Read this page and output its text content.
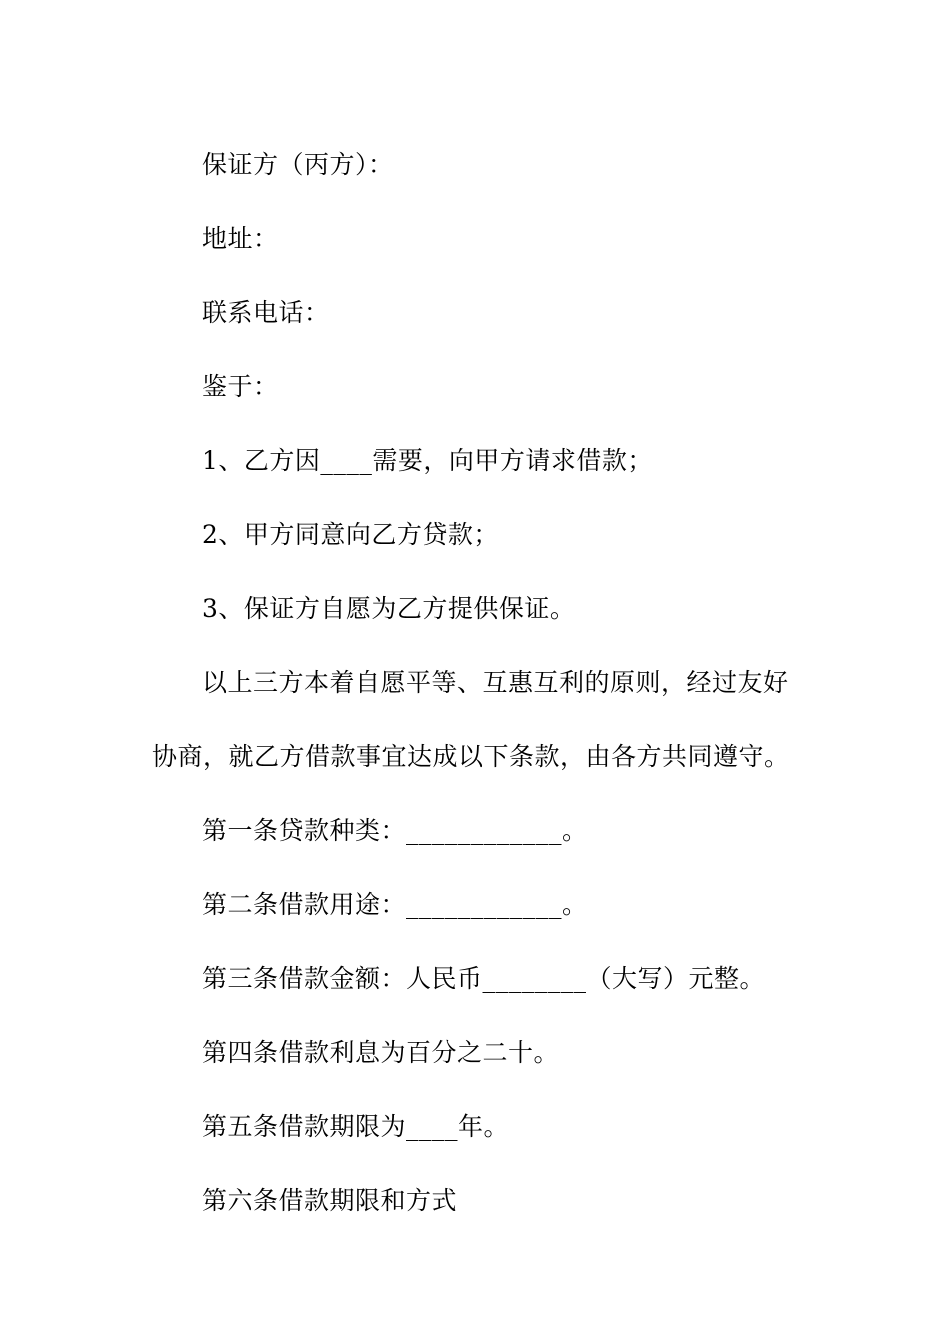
保证方（丙方）：

地址：

联系电话：

鉴于：

1、乙方因____需要，向甲方请求借款；

2、甲方同意向乙方贷款；

3、保证方自愿为乙方提供保证。

以上三方本着自愿平等、互惠互利的原则，经过友好协商，就乙方借款事宜达成以下条款，由各方共同遵守。

第一条贷款种类：____________。

第二条借款用途：____________。

第三条借款金额：人民币________（大写）元整。

第四条借款利息为百分之二十。

第五条借款期限为____年。

第六条借款期限和方式
